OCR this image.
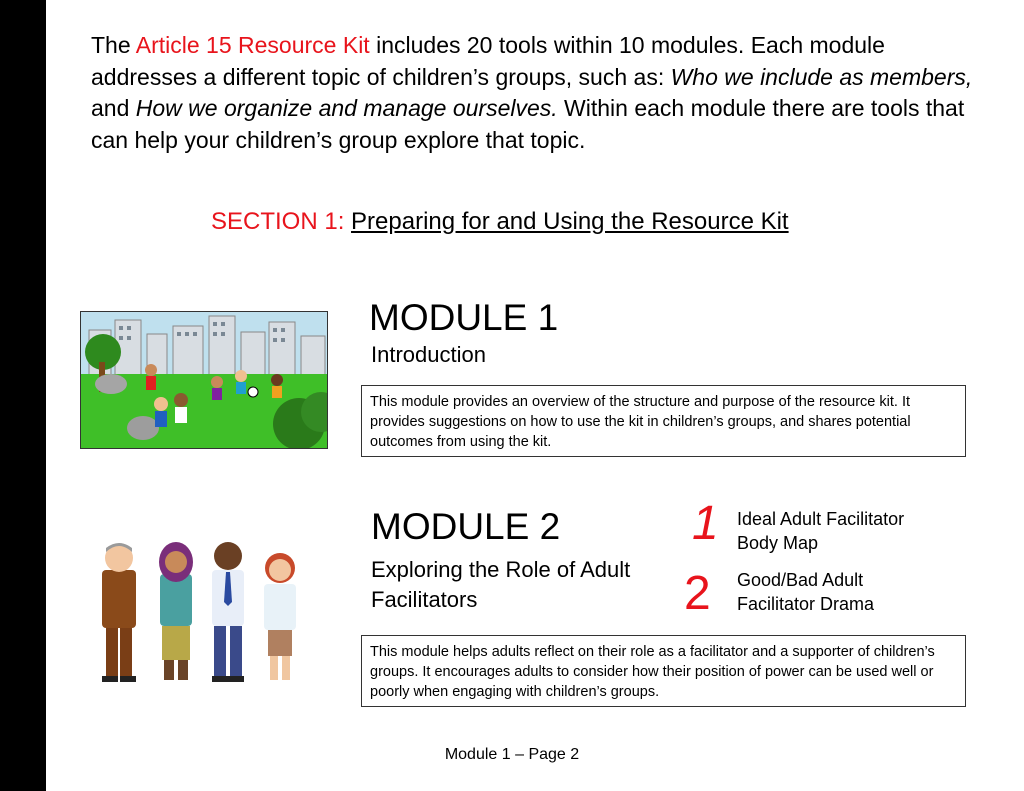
The Article 15 Resource Kit includes 20 tools within 10 modules. Each module addresses a different topic of children’s groups, such as: Who we include as members, and How we organize and manage ourselves. Within each module there are tools that can help your children’s group explore that topic.

SECTION 1: Preparing for and Using the Resource Kit
MODULE 1

Introduction

This module provides an overview of the structure and purpose of the resource kit. It provides suggestions on how to use the kit in children’s groups, and shares potential outcomes from using the kit.
MODULE 2

Exploring the Role of Adult Facilitators

1 Ideal Adult Facilitator Body Map
2 Good/Bad Adult Facilitator Drama
This module helps adults reflect on their role as a facilitator and a supporter of children’s groups. It encourages adults to consider how their position of power can be used well or poorly when engaging with children’s groups.
Module 1 – Page 2
